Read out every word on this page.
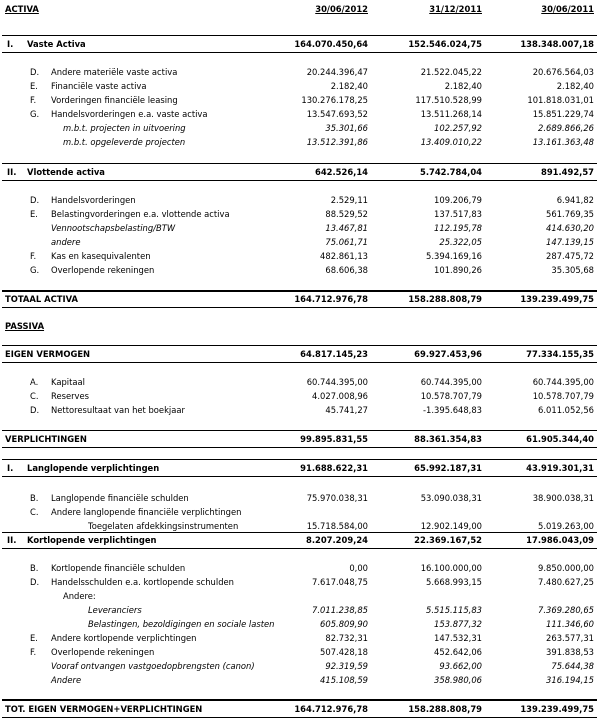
ACTIVA	30/06/2012	31/12/2011	30/06/2011
I. Vaste Activa	164.070.450,64	152.546.024,75	138.348.007,18
D. Andere materiële vaste activa	20.244.396,47	21.522.045,22	20.676.564,03
E. Financiële vaste activa	2.182,40	2.182,40	2.182,40
F. Vorderingen financiële leasing	130.276.178,25	117.510.528,99	101.818.031,01
G. Handelsvorderingen e.a. vaste activa	13.547.693,52	13.511.268,14	15.851.229,74
m.b.t. projecten in uitvoering	35.301,66	102.257,92	2.689.866,26
m.b.t. opgeleverde projecten	13.512.391,86	13.409.010,22	13.161.363,48
II. Vlottende activa	642.526,14	5.742.784,04	891.492,57
D. Handelsvorderingen	2.529,11	109.206,79	6.941,82
E. Belastingvorderingen e.a. vlottende activa	88.529,52	137.517,83	561.769,35
Vennootschapsbelasting/BTW	13.467,81	112.195,78	414.630,20
andere	75.061,71	25.322,05	147.139,15
F. Kas en kasequivalenten	482.861,13	5.394.169,16	287.475,72
G. Overlopende rekeningen	68.606,38	101.890,26	35.305,68
TOTAAL ACTIVA	164.712.976,78	158.288.808,79	139.239.499,75
PASSIVA
EIGEN VERMOGEN	64.817.145,23	69.927.453,96	77.334.155,35
A. Kapitaal	60.744.395,00	60.744.395,00	60.744.395,00
C. Reserves	4.027.008,96	10.578.707,79	10.578.707,79
D. Nettoresultaat van het boekjaar	45.741,27	-1.395.648,83	6.011.052,56
VERPLICHTINGEN	99.895.831,55	88.361.354,83	61.905.344,40
I. Langlopende verplichtingen	91.688.622,31	65.992.187,31	43.919.301,31
B. Langlopende financiële schulden	75.970.038,31	53.090.038,31	38.900.038,31
C. Andere langlopende financiële verplichtingen
Toegelaten afdekkingsinstrumenten	15.718.584,00	12.902.149,00	5.019.263,00
II. Kortlopende verplichtingen	8.207.209,24	22.369.167,52	17.986.043,09
B. Kortlopende financiële schulden	0,00	16.100.000,00	9.850.000,00
D. Handelsschulden e.a. kortlopende schulden	7.617.048,75	5.668.993,15	7.480.627,25
Andere:
Leveranciers	7.011.238,85	5.515.115,83	7.369.280,65
Belastingen, bezoldigingen en sociale lasten	605.809,90	153.877,32	111.346,60
E. Andere kortlopende verplichtingen	82.732,31	147.532,31	263.577,31
F. Overlopende rekeningen	507.428,18	452.642,06	391.838,53
Vooraf ontvangen vastgoedopbrengsten (canon)	92.319,59	93.662,00	75.644,38
Andere	415.108,59	358.980,06	316.194,15
TOT. EIGEN VERMOGEN+VERPLICHTINGEN	164.712.976,78	158.288.808,79	139.239.499,75
